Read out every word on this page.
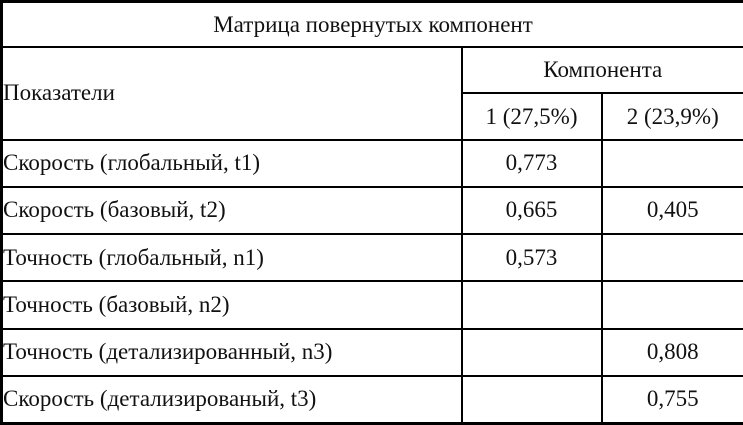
Матрица повернутых компонент		
Показатели	Компонента	
	1 (27,5%)	2 (23,9%)
Скорость (глобальный, t1)	0,773	
Скорость (базовый, t2)	0,665	0,405
Точность (глобальный, n1)	0,573	
Точность (базовый, n2)		
Точность (детализированный, n3)		0,808
Скорость (детализированый, t3)		0,755
